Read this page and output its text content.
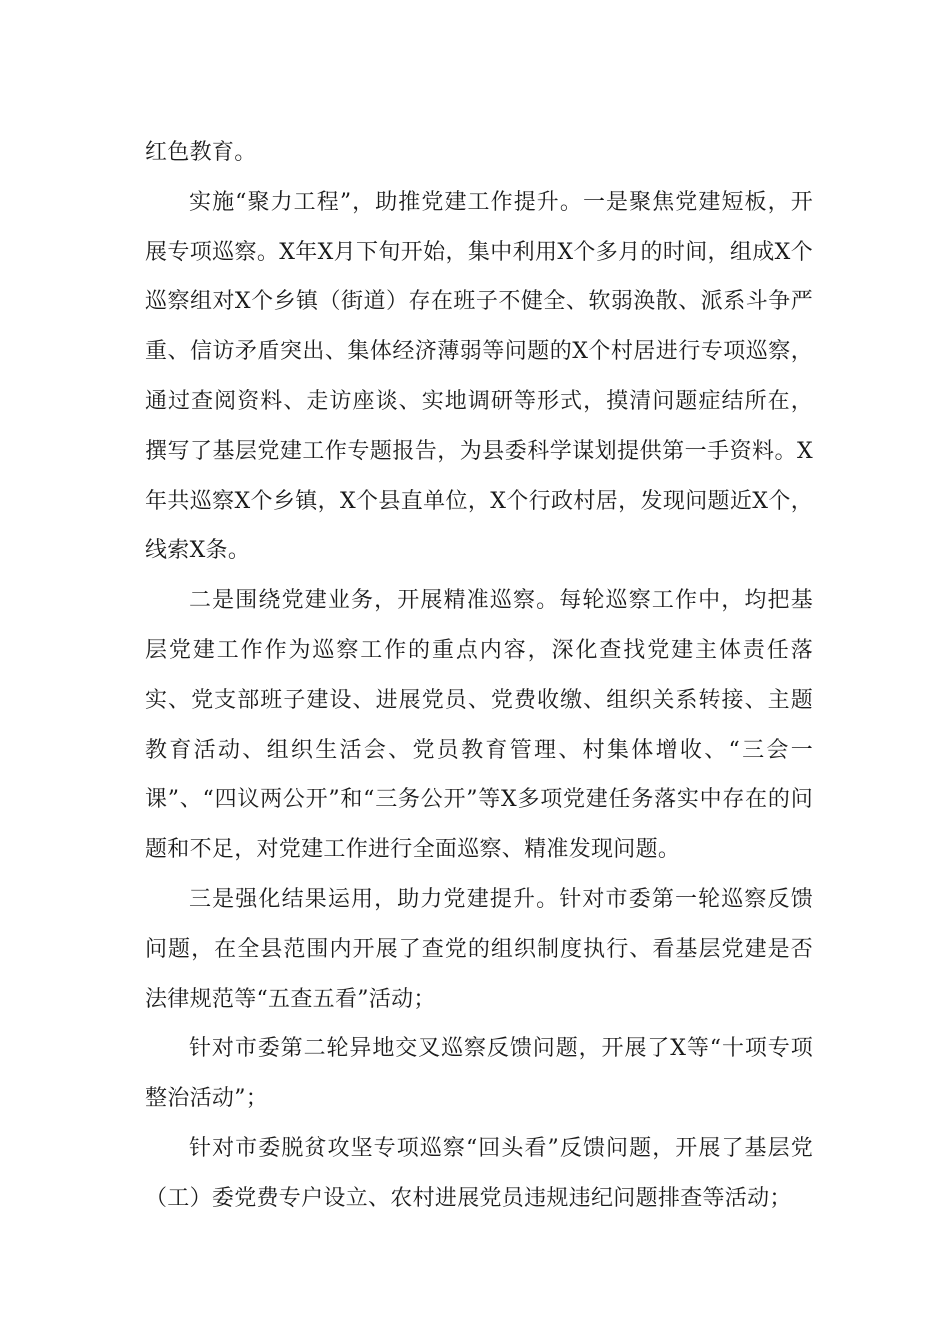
红色教育。

实施“聚力工程”，助推党建工作提升。一是聚焦党建短板，开展专项巡察。X年X月下旬开始，集中利用X个多月的时间，组成X个巡察组对X个乡镇（街道）存在班子不健全、软弱涣散、派系斗争严重、信访矛盾突出、集体经济薄弱等问题的X个村居进行专项巡察，通过查阅资料、走访座谈、实地调研等形式，摸清问题症结所在，撰写了基层党建工作专题报告，为县委科学谋划提供第一手资料。X年共巡察X个乡镇，X个县直单位，X个行政村居，发现问题近X个，线索X条。

二是围绕党建业务，开展精准巡察。每轮巡察工作中，均把基层党建工作作为巡察工作的重点内容，深化查找党建主体责任落实、党支部班子建设、进展党员、党费收缴、组织关系转接、主题教育活动、组织生活会、党员教育管理、村集体增收、“三会一课”、“四议两公开”和“三务公开”等X多项党建任务落实中存在的问题和不足，对党建工作进行全面巡察、精准发现问题。

三是强化结果运用，助力党建提升。针对市委第一轮巡察反馈问题，在全县范围内开展了查党的组织制度执行、看基层党建是否法律规范等“五查五看”活动；

针对市委第二轮异地交叉巡察反馈问题，开展了X等“十项专项整治活动”；

针对市委脱贫攻坚专项巡察“回头看”反馈问题，开展了基层党（工）委党费专户设立、农村进展党员违规违纪问题排查等活动；
